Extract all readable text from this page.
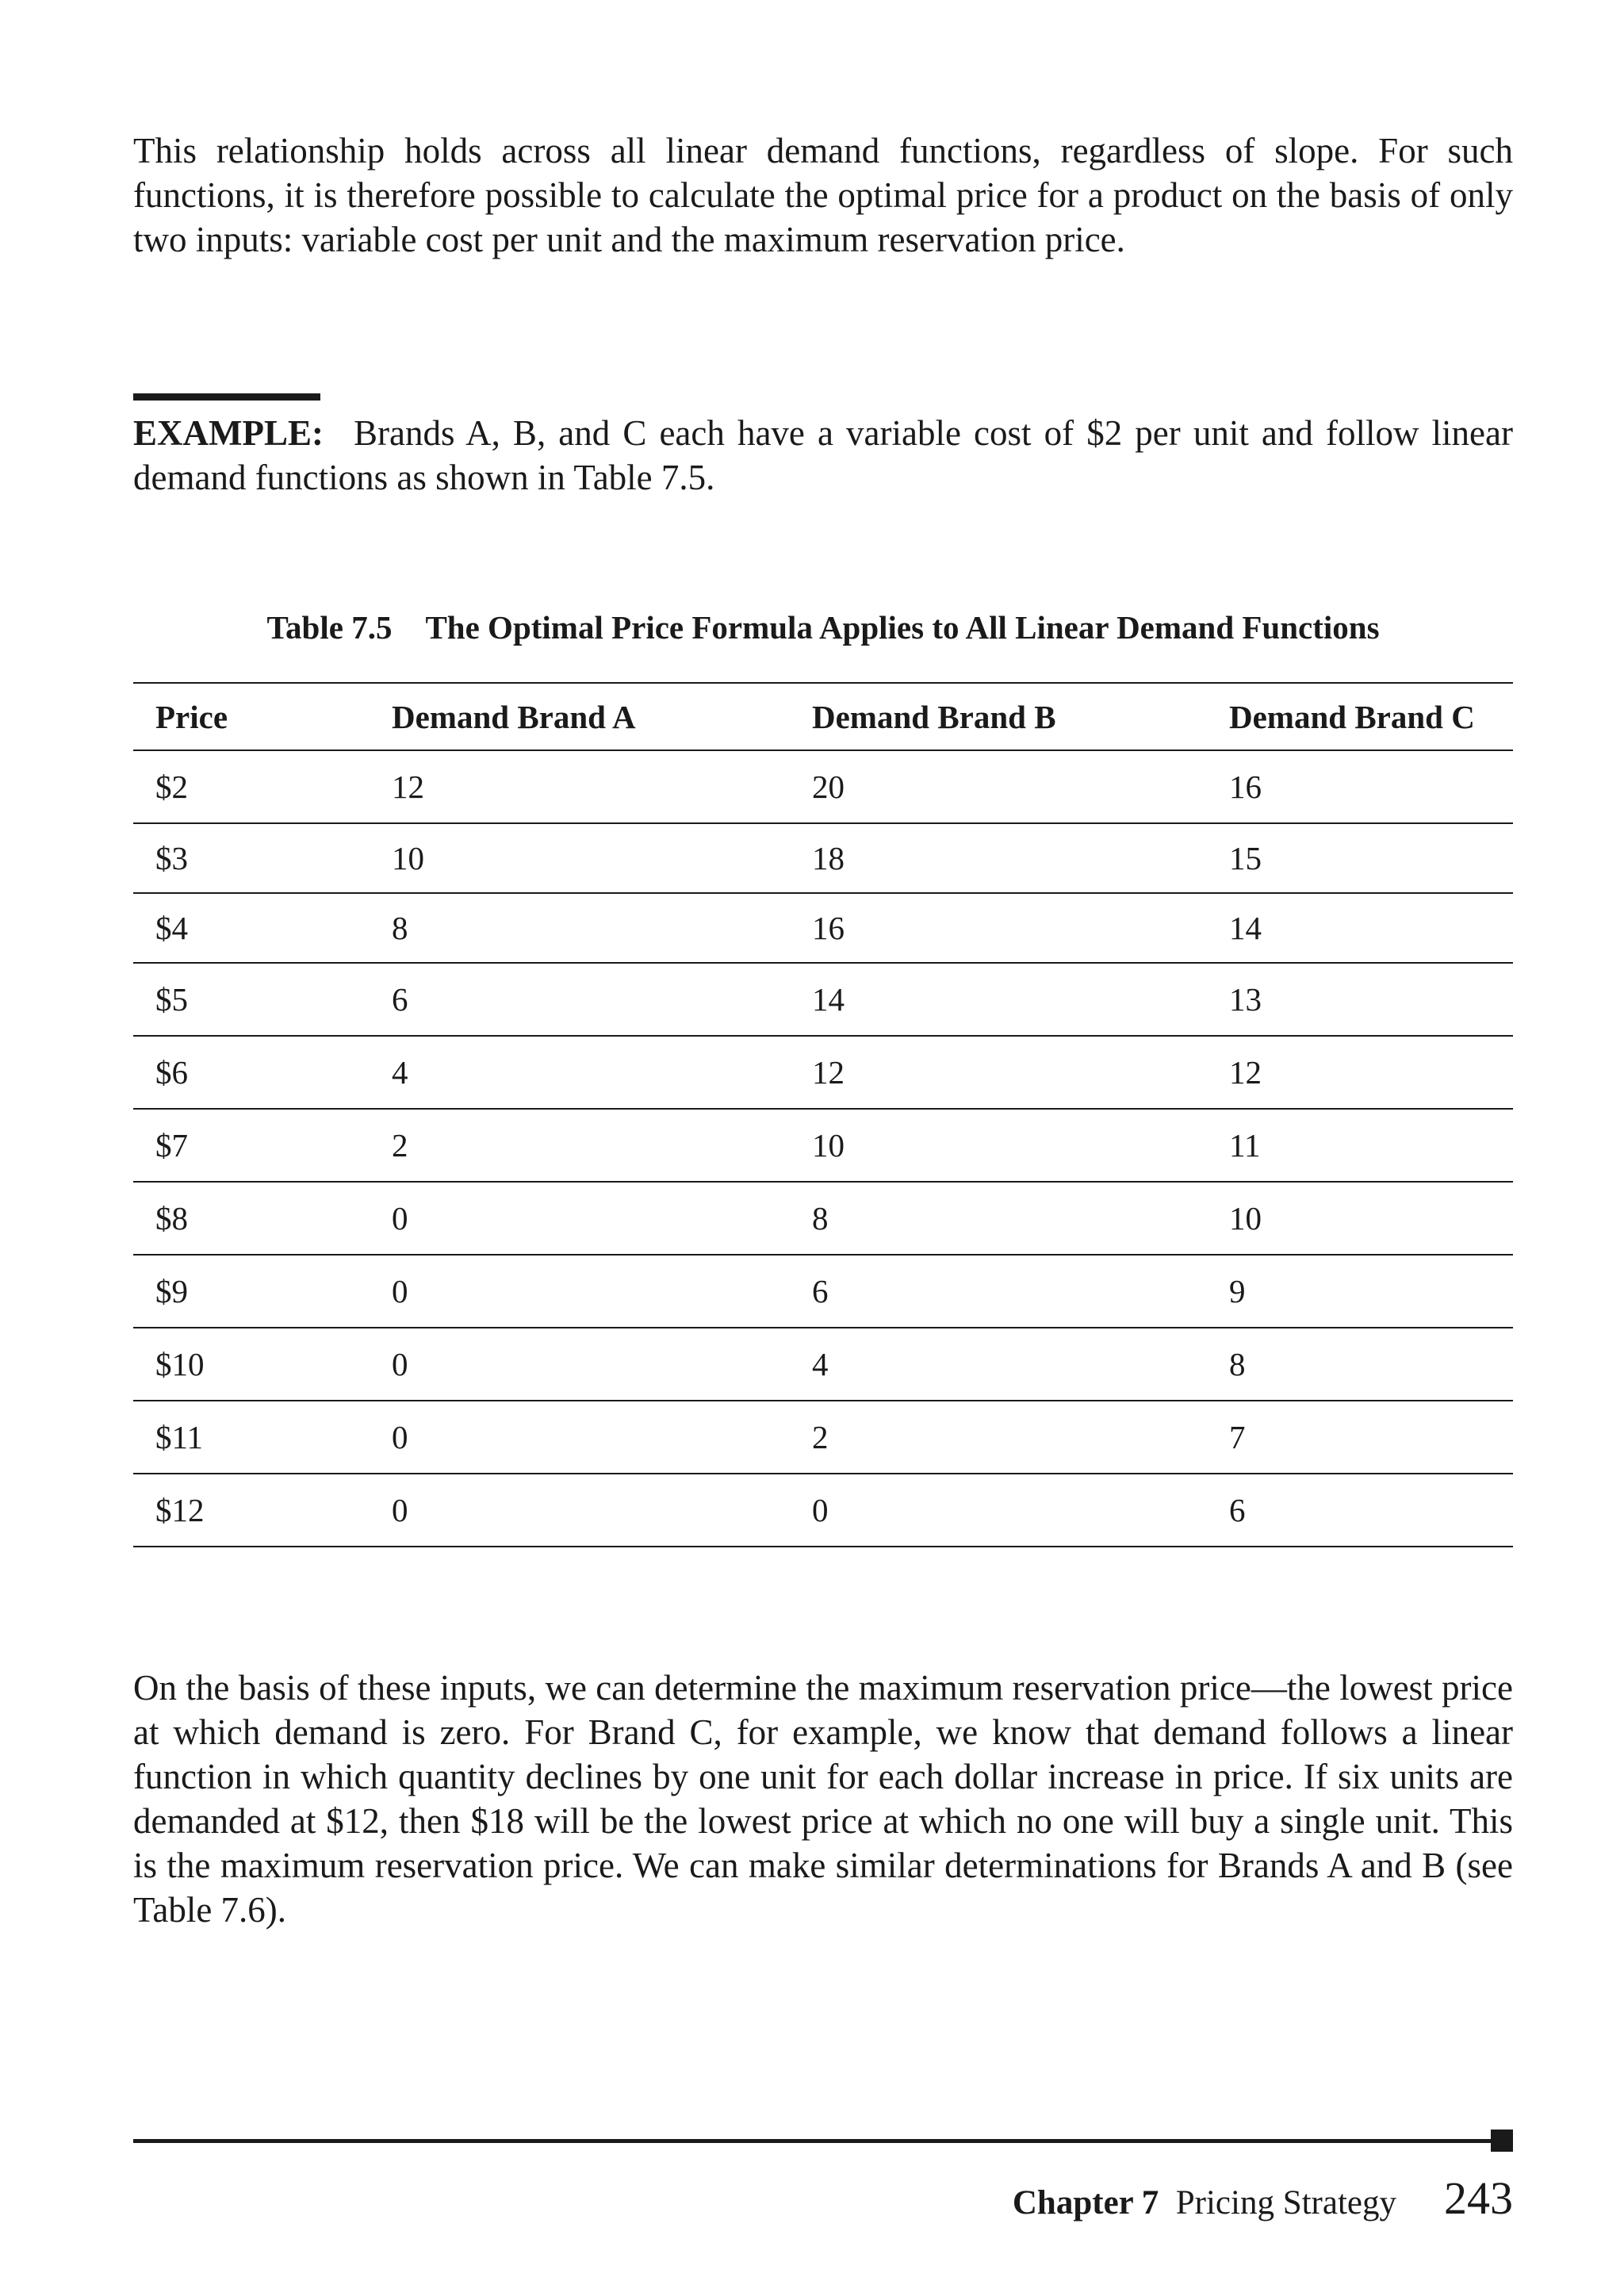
This relationship holds across all linear demand functions, regardless of slope. For such functions, it is therefore possible to calculate the optimal price for a product on the basis of only two inputs: variable cost per unit and the maximum reservation price.

EXAMPLE: Brands A, B, and C each have a variable cost of $2 per unit and follow linear demand functions as shown in Table 7.5.

Table 7.5 The Optimal Price Formula Applies to All Linear Demand Functions
Price	Demand Brand A	Demand Brand B	Demand Brand C
$2	12	20	16
$3	10	18	15
$4	8	16	14
$5	6	14	13
$6	4	12	12
$7	2	10	11
$8	0	8	10
$9	0	6	9
$10	0	4	8
$11	0	2	7
$12	0	0	6

On the basis of these inputs, we can determine the maximum reservation price—the lowest price at which demand is zero. For Brand C, for example, we know that demand follows a linear function in which quantity declines by one unit for each dollar increase in price. If six units are demanded at $12, then $18 will be the lowest price at which no one will buy a single unit. This is the maximum reservation price. We can make similar determinations for Brands A and B (see Table 7.6).

Chapter 7 Pricing Strategy 243
